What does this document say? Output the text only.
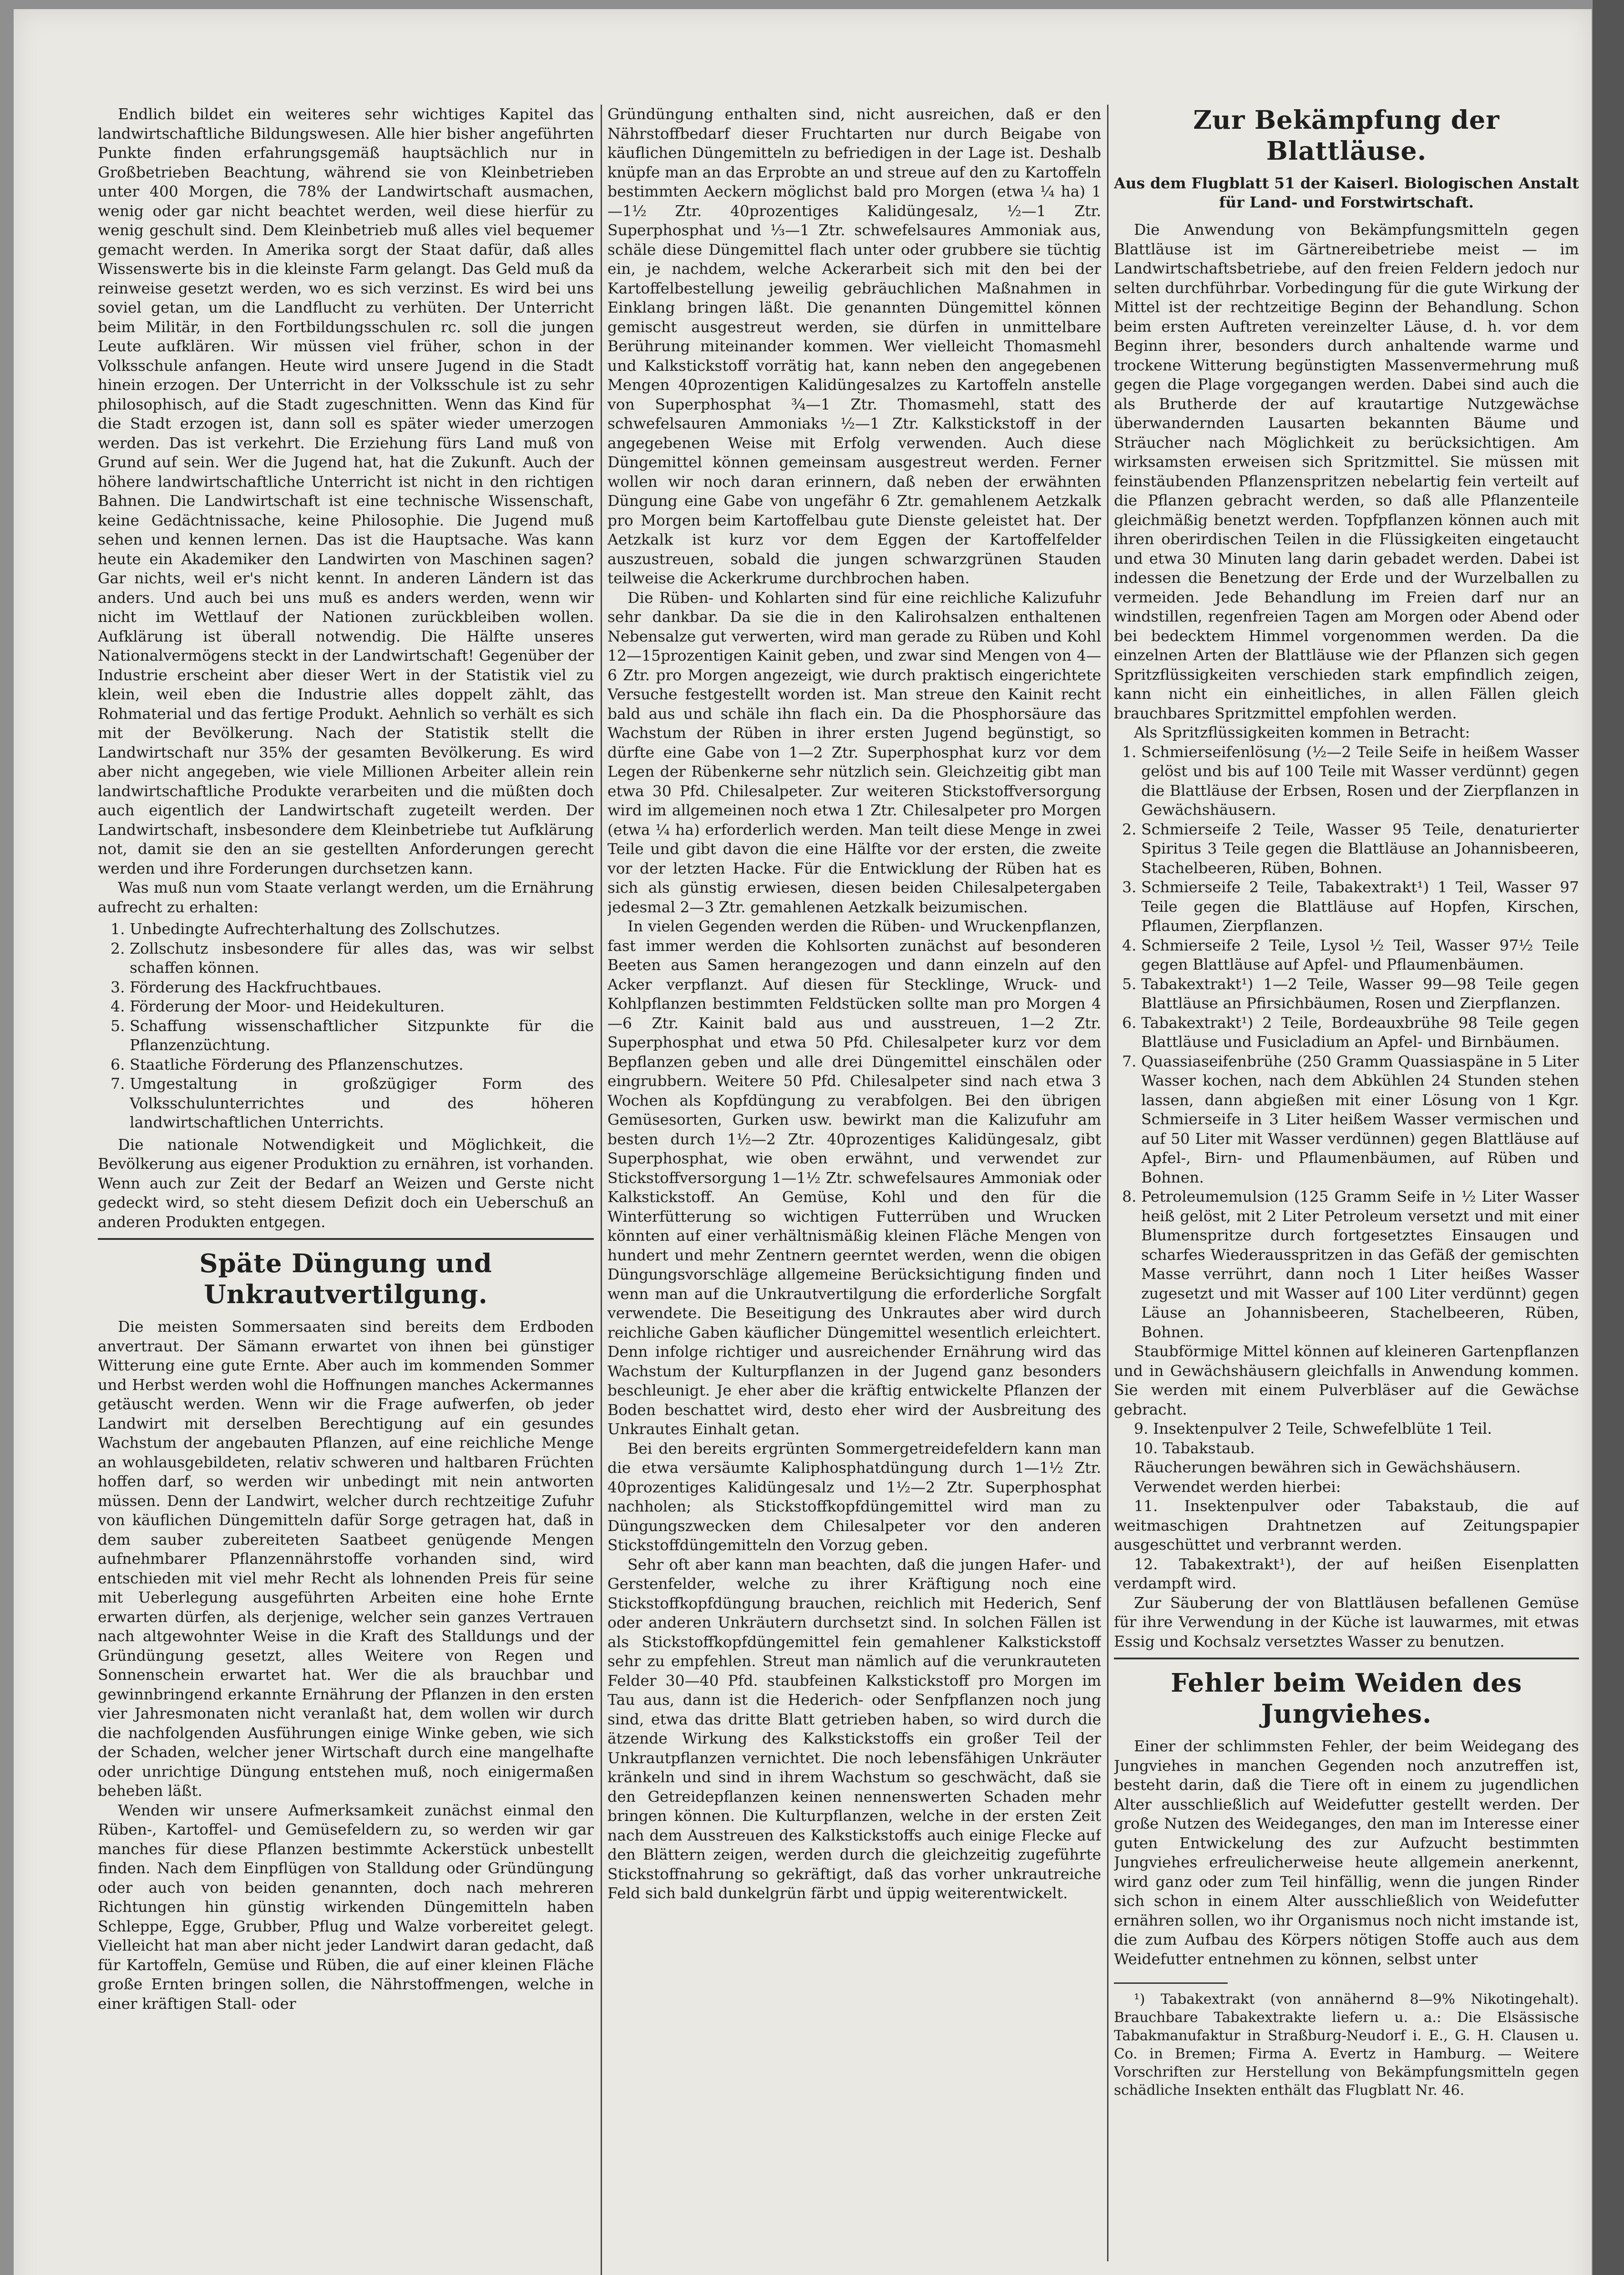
Endlich bildet ein weiteres sehr wichtiges Kapitel das landwirtschaftliche Bildungswesen. Alle hier bisher angeführten Punkte finden erfahrungsgemäß hauptsächlich nur in Großbetrieben Beachtung, während sie von Kleinbetrieben unter 400 Morgen, die 78% der Landwirtschaft ausmachen, wenig oder gar nicht beachtet werden, weil diese hierfür zu wenig geschult sind. Dem Kleinbetrieb muß alles viel bequemer gemacht werden. In Amerika sorgt der Staat dafür, daß alles Wissenswerte bis in die kleinste Farm gelangt. Das Geld muß da reinweise gesetzt werden, wo es sich verzinst. Es wird bei uns soviel getan, um die Landflucht zu verhüten. Der Unterricht beim Militär, in den Fortbildungsschulen rc. soll die jungen Leute aufklären. Wir müssen viel früher, schon in der Volksschule anfangen. Heute wird unsere Jugend in die Stadt hinein erzogen. Der Unterricht in der Volksschule ist zu sehr philosophisch, auf die Stadt zugeschnitten. Wenn das Kind für die Stadt erzogen ist, dann soll es später wieder umerzogen werden. Das ist verkehrt. Die Erziehung fürs Land muß von Grund auf sein. Wer die Jugend hat, hat die Zukunft. Auch der höhere landwirtschaftliche Unterricht ist nicht in den richtigen Bahnen. Die Landwirtschaft ist eine technische Wissenschaft, keine Gedächtnissache, keine Philosophie. Die Jugend muß sehen und kennen lernen. Das ist die Hauptsache. Was kann heute ein Akademiker den Landwirten von Maschinen sagen? Gar nichts, weil er's nicht kennt. In anderen Ländern ist das anders. Und auch bei uns muß es anders werden, wenn wir nicht im Wettlauf der Nationen zurückbleiben wollen. Aufklärung ist überall notwendig. Die Hälfte unseres Nationalvermögens steckt in der Landwirtschaft! Gegenüber der Industrie erscheint aber dieser Wert in der Statistik viel zu klein, weil eben die Industrie alles doppelt zählt, das Rohmaterial und das fertige Produkt. Aehnlich so verhält es sich mit der Bevölkerung. Nach der Statistik stellt die Landwirtschaft nur 35% der gesamten Bevölkerung. Es wird aber nicht angegeben, wie viele Millionen Arbeiter allein rein landwirtschaftliche Produkte verarbeiten und die müßten doch auch eigentlich der Landwirtschaft zugeteilt werden. Der Landwirtschaft, insbesondere dem Kleinbetriebe tut Aufklärung not, damit sie den an sie gestellten Anforderungen gerecht werden und ihre Forderungen durchsetzen kann.

Was muß nun vom Staate verlangt werden, um die Ernährung aufrecht zu erhalten:

1. Unbedingte Aufrechterhaltung des Zollschutzes.
2. Zollschutz insbesondere für alles das, was wir selbst schaffen können.
3. Förderung des Hackfruchtbaues.
4. Förderung der Moor- und Heidekulturen.
5. Schaffung wissenschaftlicher Sitzpunkte für die Pflanzenzüchtung.
6. Staatliche Förderung des Pflanzenschutzes.
7. Umgestaltung in großzügiger Form des Volksschulunterrichtes und des höheren landwirtschaftlichen Unterrichts.

Die nationale Notwendigkeit und Möglichkeit, die Bevölkerung aus eigener Produktion zu ernähren, ist vorhanden. Wenn auch zur Zeit der Bedarf an Weizen und Gerste nicht gedeckt wird, so steht diesem Defizit doch ein Ueberschuß an anderen Produkten entgegen.

Späte Düngung und Unkrautvertilgung.

Die meisten Sommersaaten sind bereits dem Erdboden anvertraut. Der Sämann erwartet von ihnen bei günstiger Witterung eine gute Ernte. Aber auch im kommenden Sommer und Herbst werden wohl die Hoffnungen manches Ackermannes getäuscht werden. Wenn wir die Frage aufwerfen, ob jeder Landwirt mit derselben Berechtigung auf ein gesundes Wachstum der angebauten Pflanzen, auf eine reichliche Menge an wohlausgebildeten, relativ schweren und haltbaren Früchten hoffen darf, so werden wir unbedingt mit nein antworten müssen. Denn der Landwirt, welcher durch rechtzeitige Zufuhr von käuflichen Düngemitteln dafür Sorge getragen hat, daß in dem sauber zubereiteten Saatbeet genügende Mengen aufnehmbarer Pflanzennährstoffe vorhanden sind, wird entschieden mit viel mehr Recht als lohnenden Preis für seine mit Ueberlegung ausgeführten Arbeiten eine hohe Ernte erwarten dürfen, als derjenige, welcher sein ganzes Vertrauen nach altgewohnter Weise in die Kraft des Stalldungs und der Gründüngung gesetzt, alles Weitere von Regen und Sonnenschein erwartet hat. Wer die als brauchbar und gewinnbringend erkannte Ernährung der Pflanzen in den ersten vier Jahresmonaten nicht veranlaßt hat, dem wollen wir durch die nachfolgenden Ausführungen einige Winke geben, wie sich der Schaden, welcher jener Wirtschaft durch eine mangelhafte oder unrichtige Düngung entstehen muß, noch einigermaßen beheben läßt.

Wenden wir unsere Aufmerksamkeit zunächst einmal den Rüben-, Kartoffel- und Gemüsefeldern zu, so werden wir gar manches für diese Pflanzen bestimmte Ackerstück unbestellt finden. Nach dem Einpflügen von Stalldung oder Gründüngung oder auch von beiden genannten, doch nach mehreren Richtungen hin günstig wirkenden Düngemitteln haben Schleppe, Egge, Grubber, Pflug und Walze vorbereitet gelegt. Vielleicht hat man aber nicht jeder Landwirt daran gedacht, daß für Kartoffeln, Gemüse und Rüben, die auf einer kleinen Fläche große Ernten bringen sollen, die Nährstoffmengen, welche in einer kräftigen Stall- oder

Gründüngung enthalten sind, nicht ausreichen, daß er den Nährstoffbedarf dieser Fruchtarten nur durch Beigabe von käuflichen Düngemitteln zu befriedigen in der Lage ist. Deshalb knüpfe man an das Erprobte an und streue auf den zu Kartoffeln bestimmten Aeckern möglichst bald pro Morgen (etwa ¼ ha) 1—1½ Ztr. 40prozentiges Kalidüngesalz, ½—1 Ztr. Superphosphat und ⅓—1 Ztr. schwefelsaures Ammoniak aus, schäle diese Düngemittel flach unter oder grubbere sie tüchtig ein, je nachdem, welche Ackerarbeit sich mit den bei der Kartoffelbestellung jeweilig gebräuchlichen Maßnahmen in Einklang bringen läßt. Die genannten Düngemittel können gemischt ausgestreut werden, sie dürfen in unmittelbare Berührung miteinander kommen. Wer vielleicht Thomasmehl und Kalkstickstoff vorrätig hat, kann neben den angegebenen Mengen 40prozentigen Kalidüngesalzes zu Kartoffeln anstelle von Superphosphat ¾—1 Ztr. Thomasmehl, statt des schwefelsauren Ammoniaks ½—1 Ztr. Kalkstickstoff in der angegebenen Weise mit Erfolg verwenden. Auch diese Düngemittel können gemeinsam ausgestreut werden. Ferner wollen wir noch daran erinnern, daß neben der erwähnten Düngung eine Gabe von ungefähr 6 Ztr. gemahlenem Aetzkalk pro Morgen beim Kartoffelbau gute Dienste geleistet hat. Der Aetzkalk ist kurz vor dem Eggen der Kartoffelfelder auszustreuen, sobald die jungen schwarzgrünen Stauden teilweise die Ackerkrume durchbrochen haben.

Die Rüben- und Kohlarten sind für eine reichliche Kalizufuhr sehr dankbar. Da sie die in den Kalirohsalzen enthaltenen Nebensalze gut verwerten, wird man gerade zu Rüben und Kohl 12—15prozentigen Kainit geben, und zwar sind Mengen von 4—6 Ztr. pro Morgen angezeigt, wie durch praktisch eingerichtete Versuche festgestellt worden ist. Man streue den Kainit recht bald aus und schäle ihn flach ein. Da die Phosphorsäure das Wachstum der Rüben in ihrer ersten Jugend begünstigt, so dürfte eine Gabe von 1—2 Ztr. Superphosphat kurz vor dem Legen der Rübenkerne sehr nützlich sein. Gleichzeitig gibt man etwa 30 Pfd. Chilesalpeter. Zur weiteren Stickstoffversorgung wird im allgemeinen noch etwa 1 Ztr. Chilesalpeter pro Morgen (etwa ¼ ha) erforderlich werden. Man teilt diese Menge in zwei Teile und gibt davon die eine Hälfte vor der ersten, die zweite vor der letzten Hacke. Für die Entwicklung der Rüben hat es sich als günstig erwiesen, diesen beiden Chilesalpetergaben jedesmal 2—3 Ztr. gemahlenen Aetzkalk beizumischen.

In vielen Gegenden werden die Rüben- und Wruckenpflanzen, fast immer werden die Kohlsorten zunächst auf besonderen Beeten aus Samen herangezogen und dann einzeln auf den Acker verpflanzt. Auf diesen für Stecklinge, Wruck- und Kohlpflanzen bestimmten Feldstücken sollte man pro Morgen 4—6 Ztr. Kainit bald aus und ausstreuen, 1—2 Ztr. Superphosphat und etwa 50 Pfd. Chilesalpeter kurz vor dem Bepflanzen geben und alle drei Düngemittel einschälen oder eingrubbern. Weitere 50 Pfd. Chilesalpeter sind nach etwa 3 Wochen als Kopfdüngung zu verabfolgen. Bei den übrigen Gemüsesorten, Gurken usw. bewirkt man die Kalizufuhr am besten durch 1½—2 Ztr. 40prozentiges Kalidüngesalz, gibt Superphosphat, wie oben erwähnt, und verwendet zur Stickstoffversorgung 1—1½ Ztr. schwefelsaures Ammoniak oder Kalkstickstoff. An Gemüse, Kohl und den für die Winterfütterung so wichtigen Futterrüben und Wrucken könnten auf einer verhältnismäßig kleinen Fläche Mengen von hundert und mehr Zentnern geerntet werden, wenn die obigen Düngungsvorschläge allgemeine Berücksichtigung finden und wenn man auf die Unkrautvertilgung die erforderliche Sorgfalt verwendete. Die Beseitigung des Unkrautes aber wird durch reichliche Gaben käuflicher Düngemittel wesentlich erleichtert. Denn infolge richtiger und ausreichender Ernährung wird das Wachstum der Kulturpflanzen in der Jugend ganz besonders beschleunigt. Je eher aber die kräftig entwickelte Pflanzen der Boden beschattet wird, desto eher wird der Ausbreitung des Unkrautes Einhalt getan.

Bei den bereits ergrünten Sommergetreidefeldern kann man die etwa versäumte Kaliphosphatdüngung durch 1—1½ Ztr. 40prozentiges Kalidüngesalz und 1½—2 Ztr. Superphosphat nachholen; als Stickstoffkopfdüngemittel wird man zu Düngungszwecken dem Chilesalpeter vor den anderen Stickstoffdüngemitteln den Vorzug geben.

Sehr oft aber kann man beachten, daß die jungen Hafer- und Gerstenfelder, welche zu ihrer Kräftigung noch eine Stickstoffkopfdüngung brauchen, reichlich mit Hederich, Senf oder anderen Unkräutern durchsetzt sind. In solchen Fällen ist als Stickstoffkopfdüngemittel fein gemahlener Kalkstickstoff sehr zu empfehlen. Streut man nämlich auf die verunkrauteten Felder 30—40 Pfd. staubfeinen Kalkstickstoff pro Morgen im Tau aus, dann ist die Hederich- oder Senfpflanzen noch jung sind, etwa das dritte Blatt getrieben haben, so wird durch die ätzende Wirkung des Kalkstickstoffs ein großer Teil der Unkrautpflanzen vernichtet. Die noch lebensfähigen Unkräuter kränkeln und sind in ihrem Wachstum so geschwächt, daß sie den Getreidepflanzen keinen nennenswerten Schaden mehr bringen können. Die Kulturpflanzen, welche in der ersten Zeit nach dem Ausstreuen des Kalkstickstoffs auch einige Flecke auf den Blättern zeigen, werden durch die gleichzeitig zugeführte Stickstoffnahrung so gekräftigt, daß das vorher unkrautreiche Feld sich bald dunkelgrün färbt und üppig weiterentwickelt.

Zur Bekämpfung der Blattläuse.
Aus dem Flugblatt 51 der Kaiserl. Biologischen Anstalt für Land- und Forstwirtschaft.

Die Anwendung von Bekämpfungsmitteln gegen Blattläuse ist im Gärtnereibetriebe meist — im Landwirtschaftsbetriebe, auf den freien Feldern jedoch nur selten durchführbar. Vorbedingung für die gute Wirkung der Mittel ist der rechtzeitige Beginn der Behandlung. Schon beim ersten Auftreten vereinzelter Läuse, d. h. vor dem Beginn ihrer, besonders durch anhaltende warme und trockene Witterung begünstigten Massenvermehrung muß gegen die Plage vorgegangen werden. Dabei sind auch die als Brutherde der auf krautartige Nutzgewächse überwandernden Lausarten bekannten Bäume und Sträucher nach Möglichkeit zu berücksichtigen. Am wirksamsten erweisen sich Spritzmittel. Sie müssen mit feinstäubenden Pflanzenspritzen nebelartig fein verteilt auf die Pflanzen gebracht werden, so daß alle Pflanzenteile gleichmäßig benetzt werden. Topfpflanzen können auch mit ihren oberirdischen Teilen in die Flüssigkeiten eingetaucht und etwa 30 Minuten lang darin gebadet werden. Dabei ist indessen die Benetzung der Erde und der Wurzelballen zu vermeiden. Jede Behandlung im Freien darf nur an windstillen, regenfreien Tagen am Morgen oder Abend oder bei bedecktem Himmel vorgenommen werden. Da die einzelnen Arten der Blattläuse wie der Pflanzen sich gegen Spritzflüssigkeiten verschieden stark empfindlich zeigen, kann nicht ein einheitliches, in allen Fällen gleich brauchbares Spritzmittel empfohlen werden.

Als Spritzflüssigkeiten kommen in Betracht:

1. Schmierseifenlösung (½—2 Teile Seife in heißem Wasser gelöst und bis auf 100 Teile mit Wasser verdünnt) gegen die Blattläuse der Erbsen, Rosen und der Zierpflanzen in Gewächshäusern.
2. Schmierseife 2 Teile, Wasser 95 Teile, denaturierter Spiritus 3 Teile gegen die Blattläuse an Johannisbeeren, Stachelbeeren, Rüben, Bohnen.
3. Schmierseife 2 Teile, Tabakextrakt¹) 1 Teil, Wasser 97 Teile gegen die Blattläuse auf Hopfen, Kirschen, Pflaumen, Zierpflanzen.
4. Schmierseife 2 Teile, Lysol ½ Teil, Wasser 97½ Teile gegen Blattläuse auf Apfel- und Pflaumenbäumen.
5. Tabakextrakt¹) 1—2 Teile, Wasser 99—98 Teile gegen Blattläuse an Pfirsichbäumen, Rosen und Zierpflanzen.
6. Tabakextrakt¹) 2 Teile, Bordeauxbrühe 98 Teile gegen Blattläuse und Fusicladium an Apfel- und Birnbäumen.
7. Quassiaseifenbrühe (250 Gramm Quassiaspäne in 5 Liter Wasser kochen, nach dem Abkühlen 24 Stunden stehen lassen, dann abgießen mit einer Lösung von 1 Kgr. Schmierseife in 3 Liter heißem Wasser vermischen und auf 50 Liter mit Wasser verdünnen) gegen Blattläuse auf Apfel-, Birn- und Pflaumenbäumen, auf Rüben und Bohnen.
8. Petroleumemulsion (125 Gramm Seife in ½ Liter Wasser heiß gelöst, mit 2 Liter Petroleum versetzt und mit einer Blumenspritze durch fortgesetztes Einsaugen und scharfes Wiederausspritzen in das Gefäß der gemischten Masse verrührt, dann noch 1 Liter heißes Wasser zugesetzt und mit Wasser auf 100 Liter verdünnt) gegen Läuse an Johannisbeeren, Stachelbeeren, Rüben, Bohnen.

Staubförmige Mittel können auf kleineren Gartenpflanzen und in Gewächshäusern gleichfalls in Anwendung kommen. Sie werden mit einem Pulverbläser auf die Gewächse gebracht.

9. Insektenpulver 2 Teile, Schwefelblüte 1 Teil.

10. Tabakstaub.

Räucherungen bewähren sich in Gewächshäusern.

Verwendet werden hierbei:

11. Insektenpulver oder Tabakstaub, die auf weitmaschigen Drahtnetzen auf Zeitungspapier ausgeschüttet und verbrannt werden.

12. Tabakextrakt¹), der auf heißen Eisenplatten verdampft wird.

Zur Säuberung der von Blattläusen befallenen Gemüse für ihre Verwendung in der Küche ist lauwarmes, mit etwas Essig und Kochsalz versetztes Wasser zu benutzen.

Fehler beim Weiden des Jungviehes.

Einer der schlimmsten Fehler, der beim Weidegang des Jungviehes in manchen Gegenden noch anzutreffen ist, besteht darin, daß die Tiere oft in einem zu jugendlichen Alter ausschließlich auf Weidefutter gestellt werden. Der große Nutzen des Weideganges, den man im Interesse einer guten Entwickelung des zur Aufzucht bestimmten Jungviehes erfreulicherweise heute allgemein anerkennt, wird ganz oder zum Teil hinfällig, wenn die jungen Rinder sich schon in einem Alter ausschließlich von Weidefutter ernähren sollen, wo ihr Organismus noch nicht imstande ist, die zum Aufbau des Körpers nötigen Stoffe auch aus dem Weidefutter entnehmen zu können, selbst unter

¹) Tabakextrakt (von annähernd 8—9% Nikotingehalt). Brauchbare Tabakextrakte liefern u. a.: Die Elsässische Tabakmanufaktur in Straßburg-Neudorf i. E., G. H. Clausen u. Co. in Bremen; Firma A. Evertz in Hamburg. — Weitere Vorschriften zur Herstellung von Bekämpfungsmitteln gegen schädliche Insekten enthält das Flugblatt Nr. 46.
